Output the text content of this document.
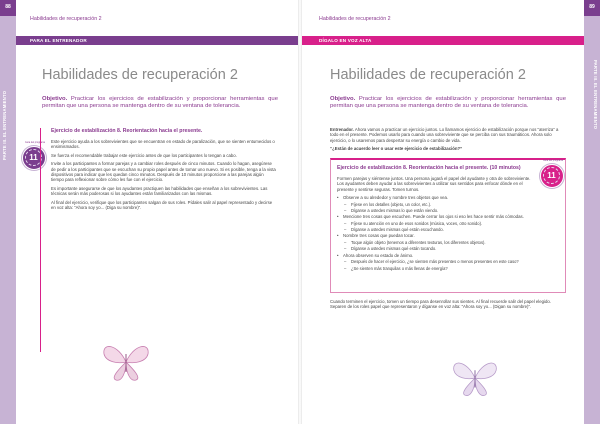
88
PARTE III. EL ENTRENAMIENTO
Habilidades de recuperación 2
PARA EL ENTRENADOR
Habilidades de recuperación 2
Objetivo. Practicar los ejercicios de estabilización y proporcionar herramientas que permitan que una persona se mantenga dentro de su ventana de tolerancia.
Guía del programa
11
Ejercicio de estabilización 8. Reorientación hacia el presente.

Este ejercicio ayuda a los sobrevivientes que se encuentran en estado de paralización, que se sienten entumecidos o ensimismados.

Se fuerza el recomendable trabajar este ejercicio antes de que los participantes lo tengan a cabo.

Invite a los participantes a formar parejas y a cambiar roles después de cinco minutos. Cuando lo hagan, asegúrese de pedir a los participantes que se escuchan su propio papel antes de tomar uno nuevo. Si es posible, tenga a la vista dispositivos para indicar que les quedan cinco minutos. Después de 10 minutos proporcione a las parejas algún tiempo para reflexionar sobre cómo les fue con el ejercicio.

Es importante asegurarse de que los ayudantes practiquen las habilidades que enseñan a los sobrevivientes. Las técnicas serán más poderosas si los ayudantes están familiarizados con las mismas.

Al final del ejercicio, verifique que los participantes salgan de sus roles. Pídales salir al papel representado y decirse en voz alta: “Ahora soy yo... (Diga su nombre)”.

89
PARTE III. EL ENTRENAMIENTO
Habilidades de recuperación 2
DÍGALO EN VOZ ALTA
Habilidades de recuperación 2
Objetivo. Practicar los ejercicios de estabilización y proporcionar herramientas que permitan que una persona se mantenga dentro de su ventana de tolerancia.

Entrenador. Ahora vamos a practicar un ejercicio juntos. Lo llamamos ejercicio de estabilización porque nos “aterriza” a todo en el presente. Podemos usarlo para cuando una sobreviviente que se perciba con sus traumáticos. Ahora solo ejercicio, o lo usaremos para despertar su energía o cambio de vida.

“¿Están de acuerdo leer o usar este ejercicio de estabilización?”

Ejercicio de estabilización 8. Reorientación hacia el presente. (10 minutos)

Formen parejas y siéntense juntos. Una persona jugará el papel del ayudante y otra de sobreviviente. Los ayudantes deben ayudar a las sobrevivientes a utilizar sus sentidos para enfocar dónde en el presente y sentirse seguras. Tomen turnos.

• Observe a su alrededor y nombre tres objetos que vea.
– Fíjese en los detalles (objeto, un color, etc.).
– Díganse a ustedes mismas lo que están viendo.
• Mencione tres cosas que escuchen. Puede cerrar los ojos si eso les hace sentir más cómodas.
– Fíjese su atención en uno de esos sonidos (música, voces, otro sonido).
– Díganse a ustedes mismas qué están escuchando.
• Nombre tres cosas que puedan tocar.
– Toque algún objeto (tenemos a diferentes texturas, los diferentes objetos).
– Díganse a ustedes mismas qué están tocando.
• Ahora observen su estado de ánimo.
– Después de hacer el ejercicio, ¿se sienten más presentes o menos presentes en este caso?
– ¿Se sienten más tranquilas o más llenas de energía?
Guía del programa
11

Cuando terminen el ejercicio, tomen un tiempo para desenrollar sus sientes. Al final recuerde salir del papel elegido. Separen de los roles papel que representaron y díganse en voz alta: “Ahora soy yo... (Digan su nombre)”.
